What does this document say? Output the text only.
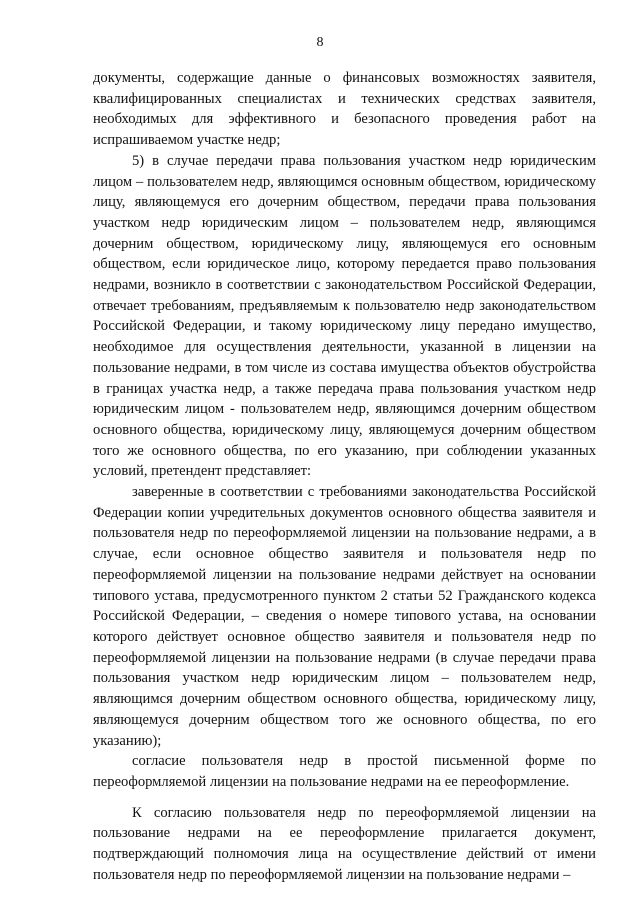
8

документы, содержащие данные о финансовых возможностях заявителя, квалифицированных специалистах и технических средствах заявителя, необходимых для эффективного и безопасного проведения работ на испрашиваемом участке недр;

5) в случае передачи права пользования участком недр юридическим лицом – пользователем недр, являющимся основным обществом, юридическому лицу, являющемуся его дочерним обществом, передачи права пользования участком недр юридическим лицом – пользователем недр, являющимся дочерним обществом, юридическому лицу, являющемуся его основным обществом, если юридическое лицо, которому передается право пользования недрами, возникло в соответствии с законодательством Российской Федерации, отвечает требованиям, предъявляемым к пользователю недр законодательством Российской Федерации, и такому юридическому лицу передано имущество, необходимое для осуществления деятельности, указанной в лицензии на пользование недрами, в том числе из состава имущества объектов обустройства в границах участка недр, а также передача права пользования участком недр юридическим лицом - пользователем недр, являющимся дочерним обществом основного общества, юридическому лицу, являющемуся дочерним обществом того же основного общества, по его указанию, при соблюдении указанных условий, претендент представляет:

заверенные в соответствии с требованиями законодательства Российской Федерации копии учредительных документов основного общества заявителя и пользователя недр по переоформляемой лицензии на пользование недрами, а в случае, если основное общество заявителя и пользователя недр по переоформляемой лицензии на пользование недрами действует на основании типового устава, предусмотренного пунктом 2 статьи 52 Гражданского кодекса Российской Федерации, – сведения о номере типового устава, на основании которого действует основное общество заявителя и пользователя недр по переоформляемой лицензии на пользование недрами (в случае передачи права пользования участком недр юридическим лицом – пользователем недр, являющимся дочерним обществом основного общества, юридическому лицу, являющемуся дочерним обществом того же основного общества, по его указанию);

согласие пользователя недр в простой письменной форме по переоформляемой лицензии на пользование недрами на ее переоформление.

К согласию пользователя недр по переоформляемой лицензии на пользование недрами на ее переоформление прилагается документ, подтверждающий полномочия лица на осуществление действий от имени пользователя недр по переоформляемой лицензии на пользование недрами –
